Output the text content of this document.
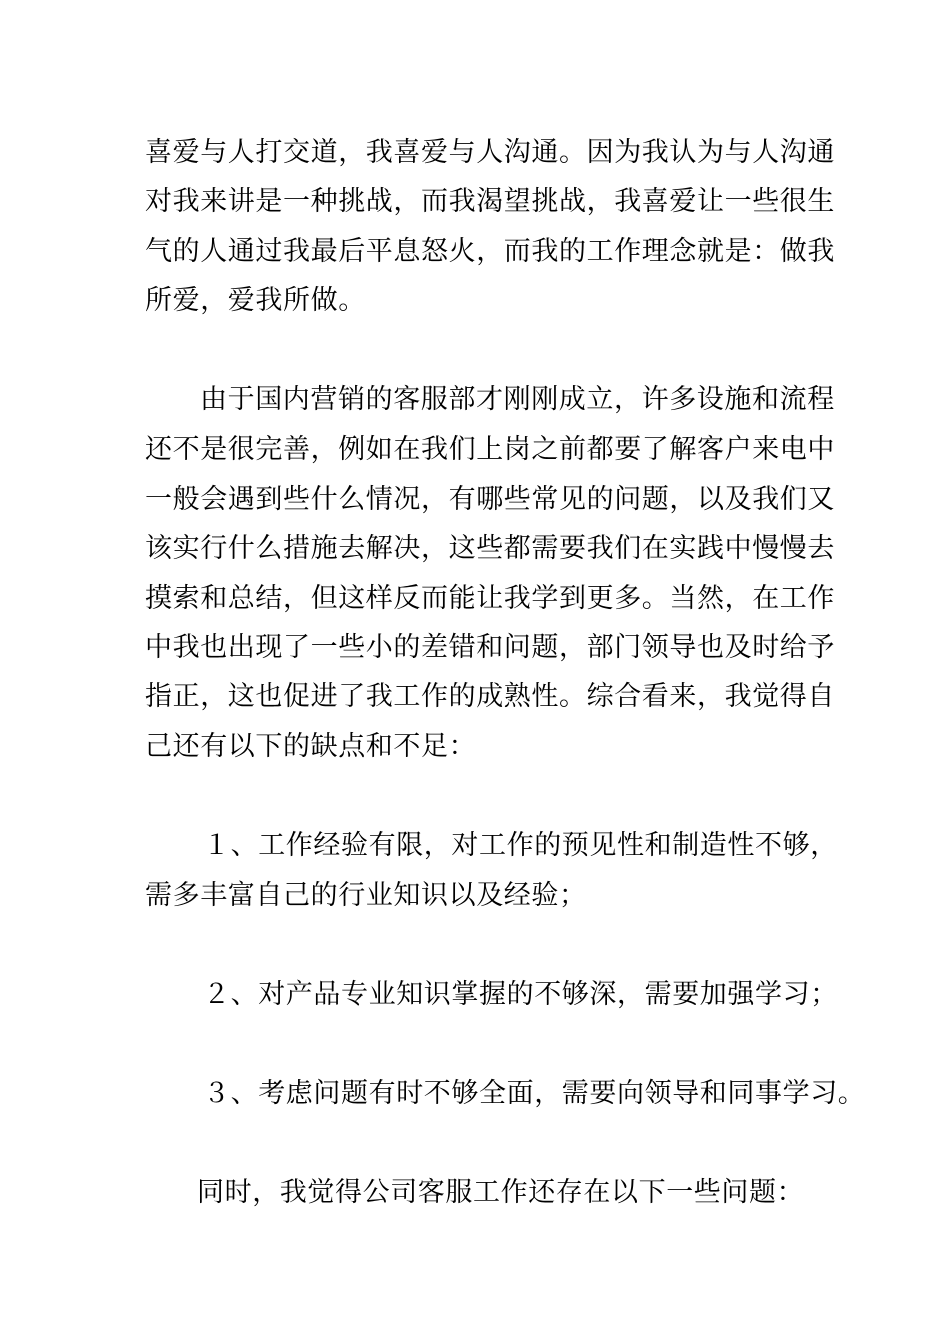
喜爱与人打交道，我喜爱与人沟通。因为我认为与人沟通
对我来讲是一种挑战，而我渴望挑战，我喜爱让一些很生
气的人通过我最后平息怒火，而我的工作理念就是：做我
所爱，爱我所做。
由于国内营销的客服部才刚刚成立，许多设施和流程
还不是很完善，例如在我们上岗之前都要了解客户来电中
一般会遇到些什么情况，有哪些常见的问题，以及我们又
该实行什么措施去解决，这些都需要我们在实践中慢慢去
摸索和总结，但这样反而能让我学到更多。当然，在工作
中我也出现了一些小的差错和问题，部门领导也及时给予
指正，这也促进了我工作的成熟性。综合看来，我觉得自
己还有以下的缺点和不足：
１、工作经验有限，对工作的预见性和制造性不够，
需多丰富自己的行业知识以及经验；
２、对产品专业知识掌握的不够深，需要加强学习；
３、考虑问题有时不够全面，需要向领导和同事学习。
同时，我觉得公司客服工作还存在以下一些问题：
